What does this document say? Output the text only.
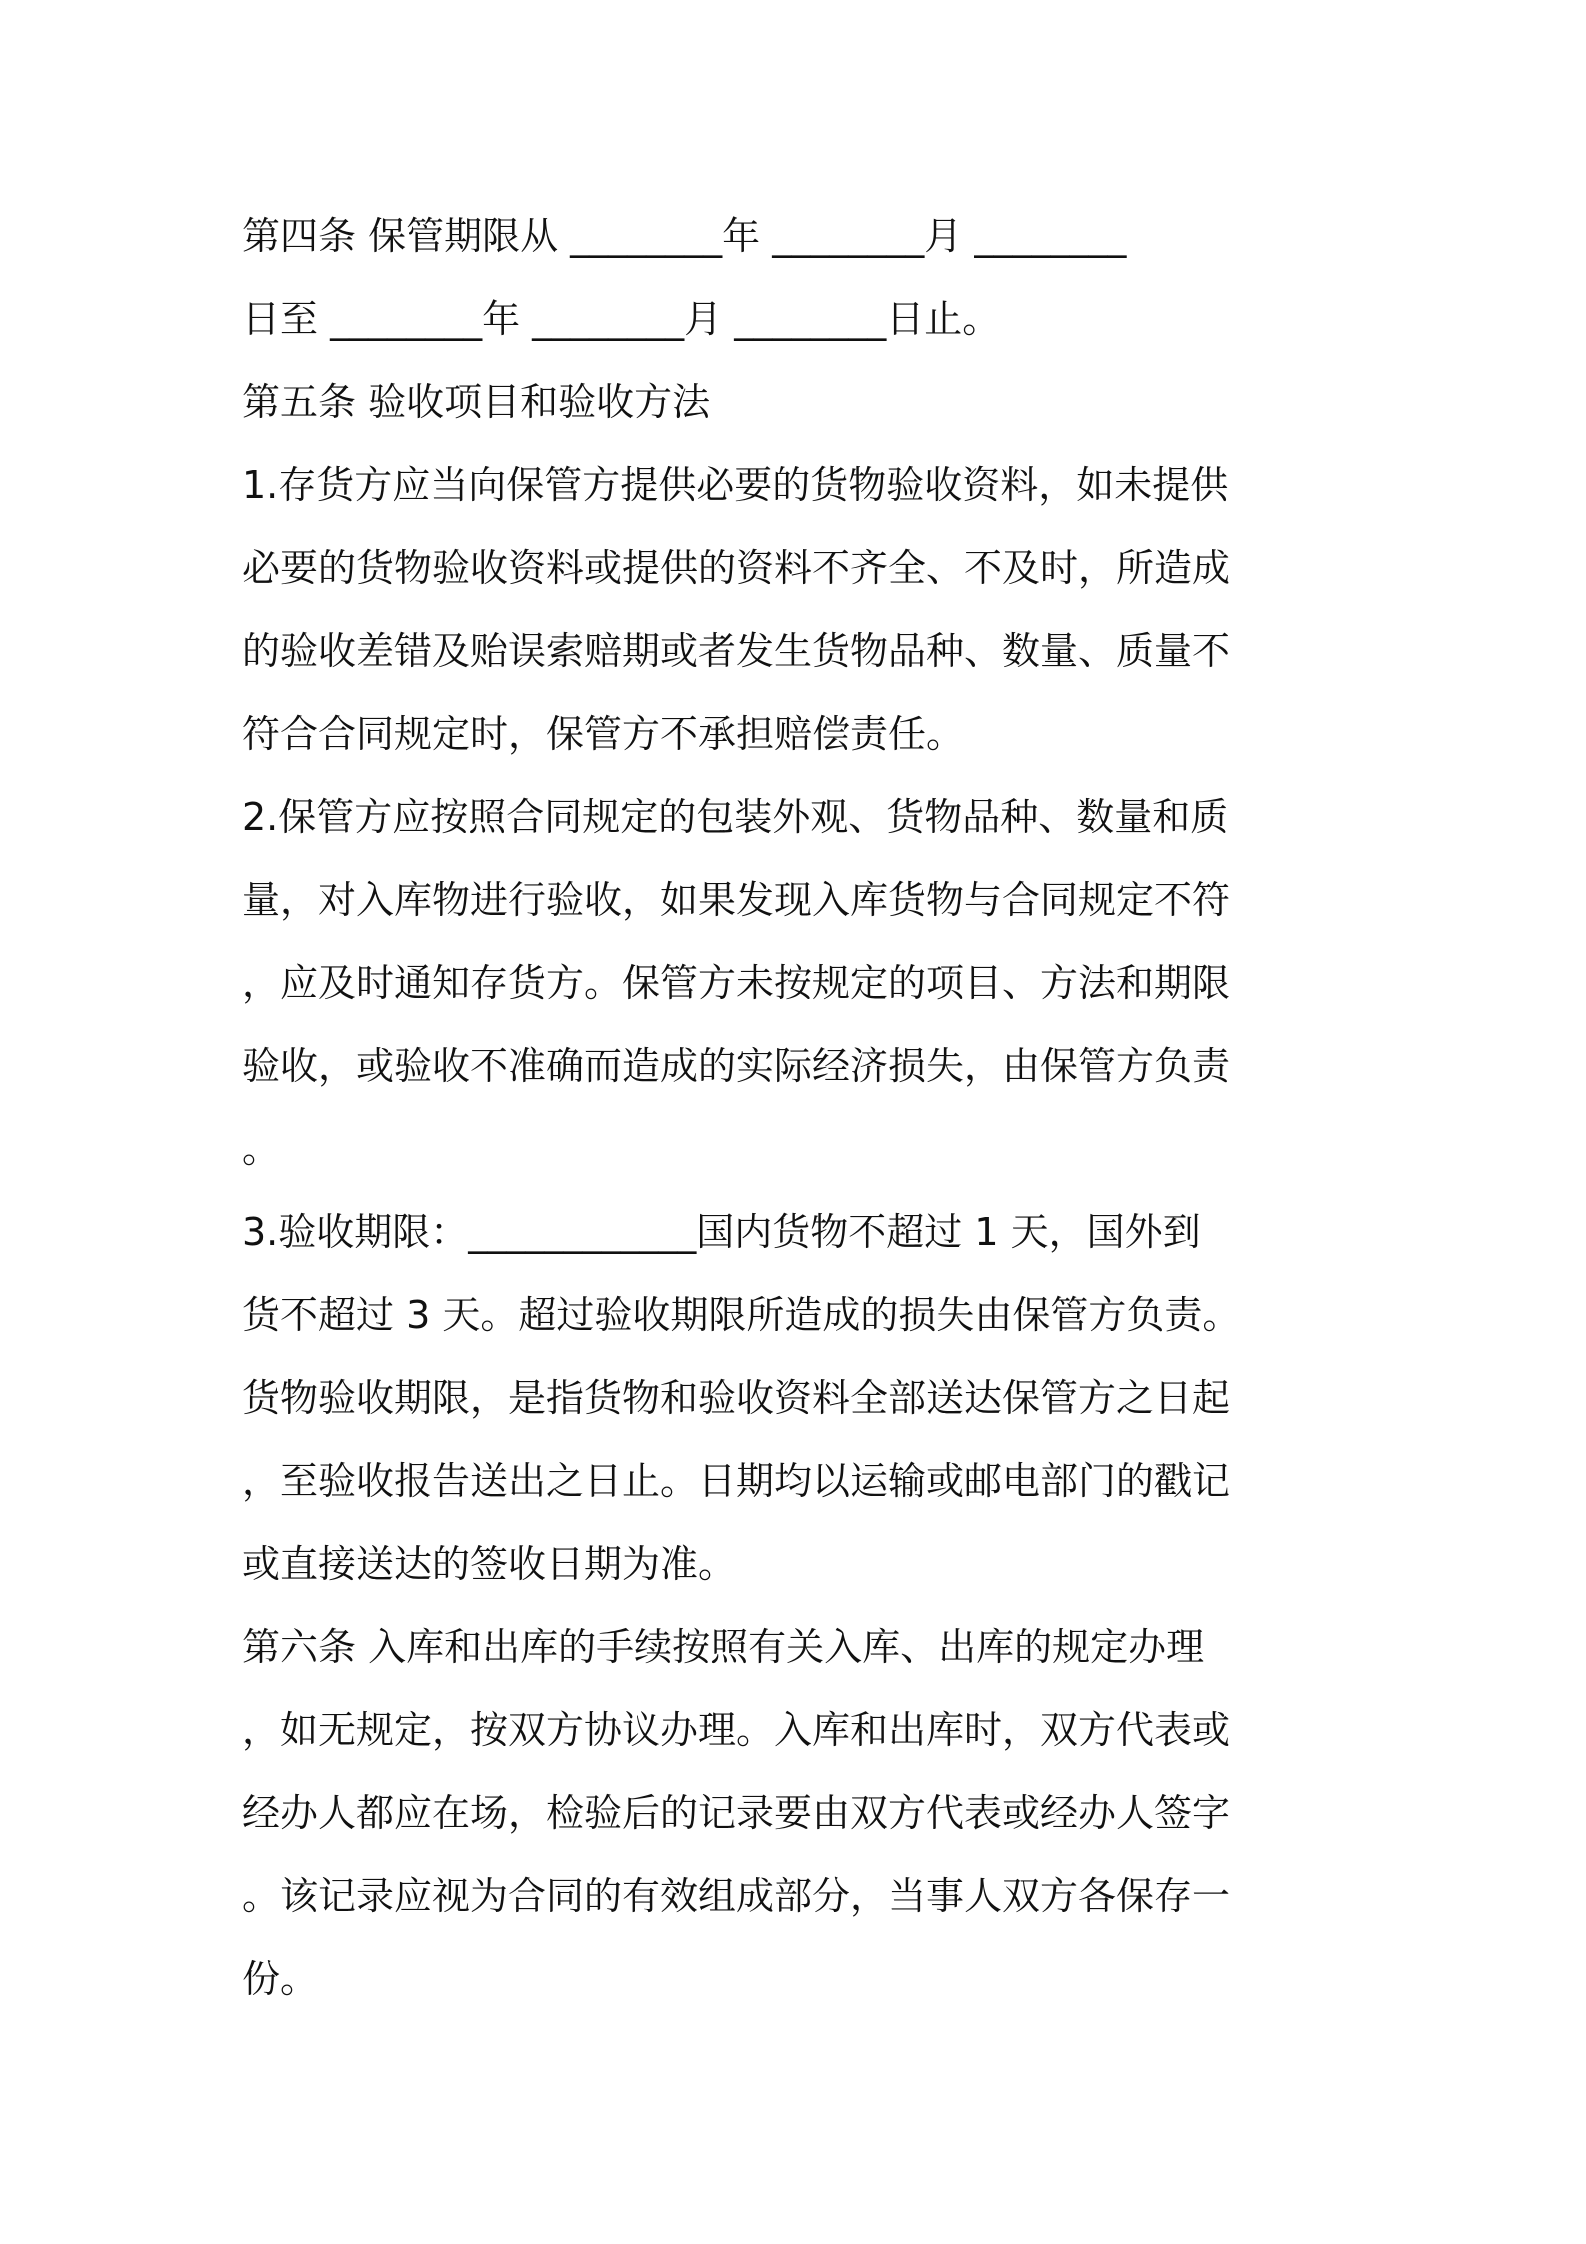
第四条 保管期限从 ________年 ________月 ________
日至 ________年 ________月 ________日止。
第五条 验收项目和验收方法
1.存货方应当向保管方提供必要的货物验收资料，如未提供
必要的货物验收资料或提供的资料不齐全、不及时，所造成
的验收差错及贻误索赔期或者发生货物品种、数量、质量不
符合合同规定时，保管方不承担赔偿责任。
2.保管方应按照合同规定的包装外观、货物品种、数量和质
量，对入库物进行验收，如果发现入库货物与合同规定不符
，应及时通知存货方。保管方未按规定的项目、方法和期限
验收，或验收不准确而造成的实际经济损失，由保管方负责
。
3.验收期限：____________国内货物不超过 1 天，国外到
货不超过 3 天。超过验收期限所造成的损失由保管方负责。
货物验收期限，是指货物和验收资料全部送达保管方之日起
，至验收报告送出之日止。日期均以运输或邮电部门的戳记
或直接送达的签收日期为准。
第六条 入库和出库的手续按照有关入库、出库的规定办理
，如无规定，按双方协议办理。入库和出库时，双方代表或
经办人都应在场，检验后的记录要由双方代表或经办人签字
。该记录应视为合同的有效组成部分，当事人双方各保存一
份。
